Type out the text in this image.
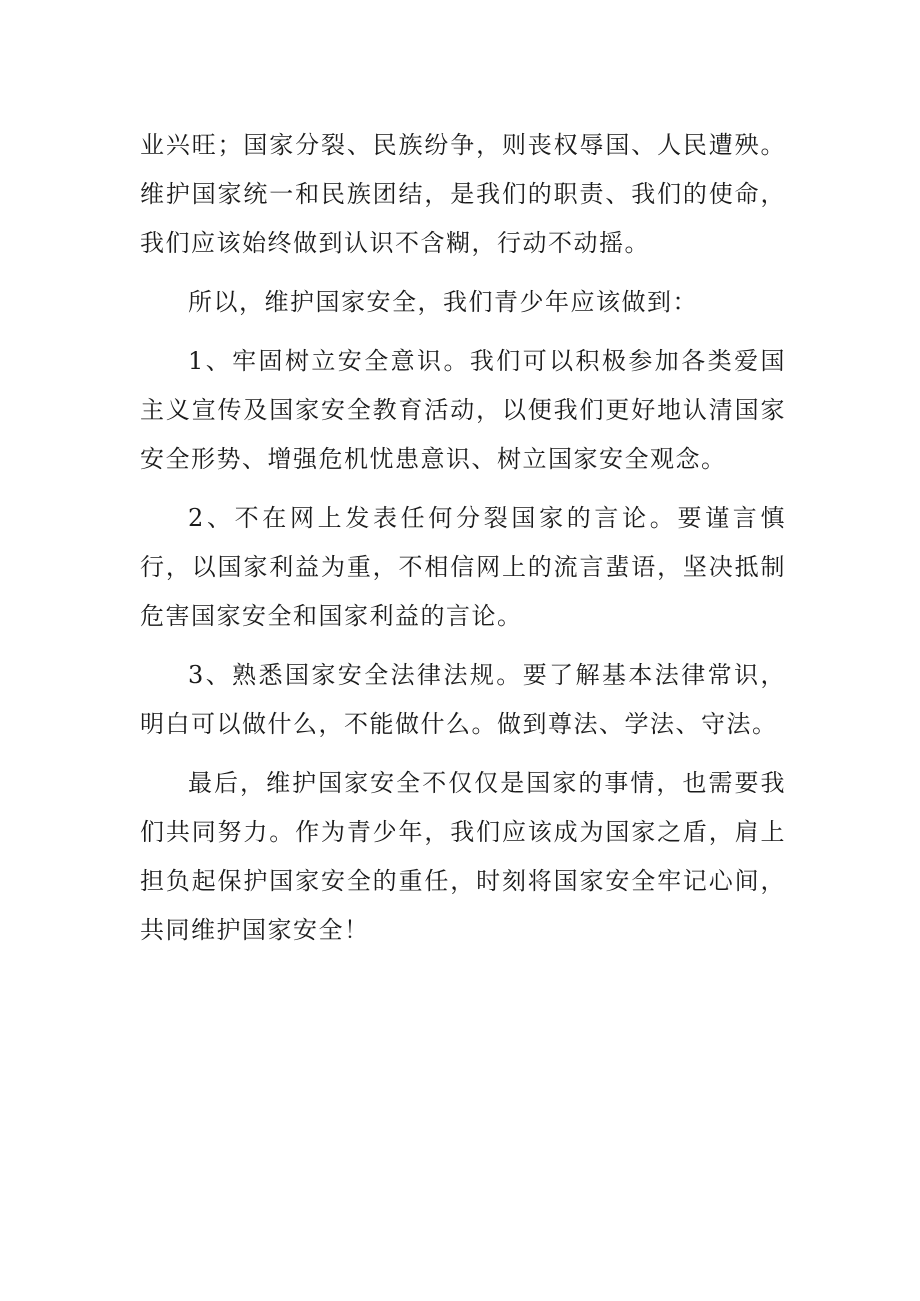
业兴旺；国家分裂、民族纷争，则丧权辱国、人民遭殃。维护国家统一和民族团结，是我们的职责、我们的使命，我们应该始终做到认识不含糊，行动不动摇。

所以，维护国家安全，我们青少年应该做到：

1、牢固树立安全意识。我们可以积极参加各类爱国主义宣传及国家安全教育活动，以便我们更好地认清国家安全形势、增强危机忧患意识、树立国家安全观念。

2、不在网上发表任何分裂国家的言论。要谨言慎行，以国家利益为重，不相信网上的流言蜚语，坚决抵制危害国家安全和国家利益的言论。

3、熟悉国家安全法律法规。要了解基本法律常识，明白可以做什么，不能做什么。做到尊法、学法、守法。

最后，维护国家安全不仅仅是国家的事情，也需要我们共同努力。作为青少年，我们应该成为国家之盾，肩上担负起保护国家安全的重任，时刻将国家安全牢记心间，共同维护国家安全！
